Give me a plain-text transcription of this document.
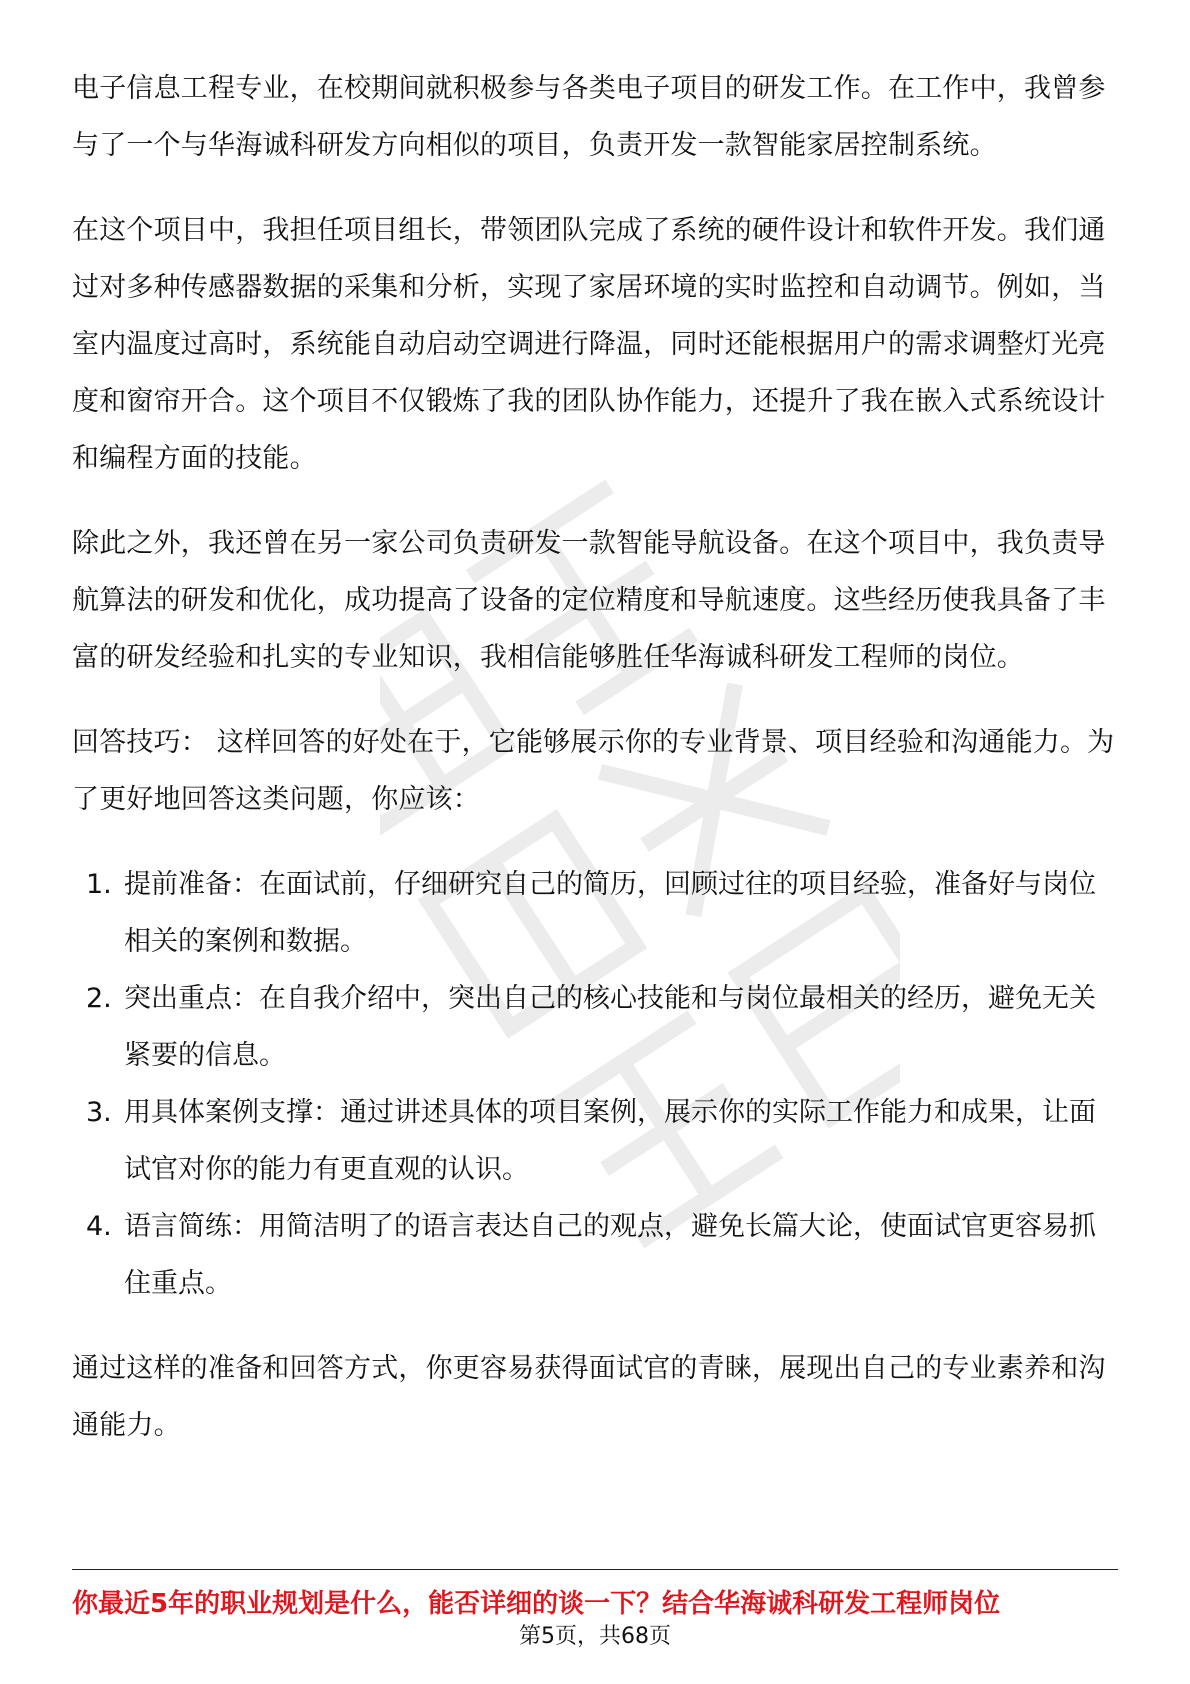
电子信息工程专业，在校期间就积极参与各类电子项目的研发工作。在工作中，我曾参与了一个与华海诚科研发方向相似的项目，负责开发一款智能家居控制系统。

在这个项目中，我担任项目组长，带领团队完成了系统的硬件设计和软件开发。我们通过对多种传感器数据的采集和分析，实现了家居环境的实时监控和自动调节。例如，当室内温度过高时，系统能自动启动空调进行降温，同时还能根据用户的需求调整灯光亮度和窗帘开合。这个项目不仅锻炼了我的团队协作能力，还提升了我在嵌入式系统设计和编程方面的技能。

除此之外，我还曾在另一家公司负责研发一款智能导航设备。在这个项目中，我负责导航算法的研发和优化，成功提高了设备的定位精度和导航速度。这些经历使我具备了丰富的研发经验和扎实的专业知识，我相信能够胜任华海诚科研发工程师的岗位。

回答技巧： 这样回答的好处在于，它能够展示你的专业背景、项目经验和沟通能力。为了更好地回答这类问题，你应该：

1. 提前准备：在面试前，仔细研究自己的简历，回顾过往的项目经验，准备好与岗位相关的案例和数据。
2. 突出重点：在自我介绍中，突出自己的核心技能和与岗位最相关的经历，避免无关紧要的信息。
3. 用具体案例支撑：通过讲述具体的项目案例，展示你的实际工作能力和成果，让面试官对你的能力有更直观的认识。
4. 语言简练：用简洁明了的语言表达自己的观点，避免长篇大论，使面试官更容易抓住重点。

通过这样的准备和回答方式，你更容易获得面试官的青睐，展现出自己的专业素养和沟通能力。

你最近5年的职业规划是什么，能否详细的谈一下？结合华海诚科研发工程师岗位
第5页，共68页
